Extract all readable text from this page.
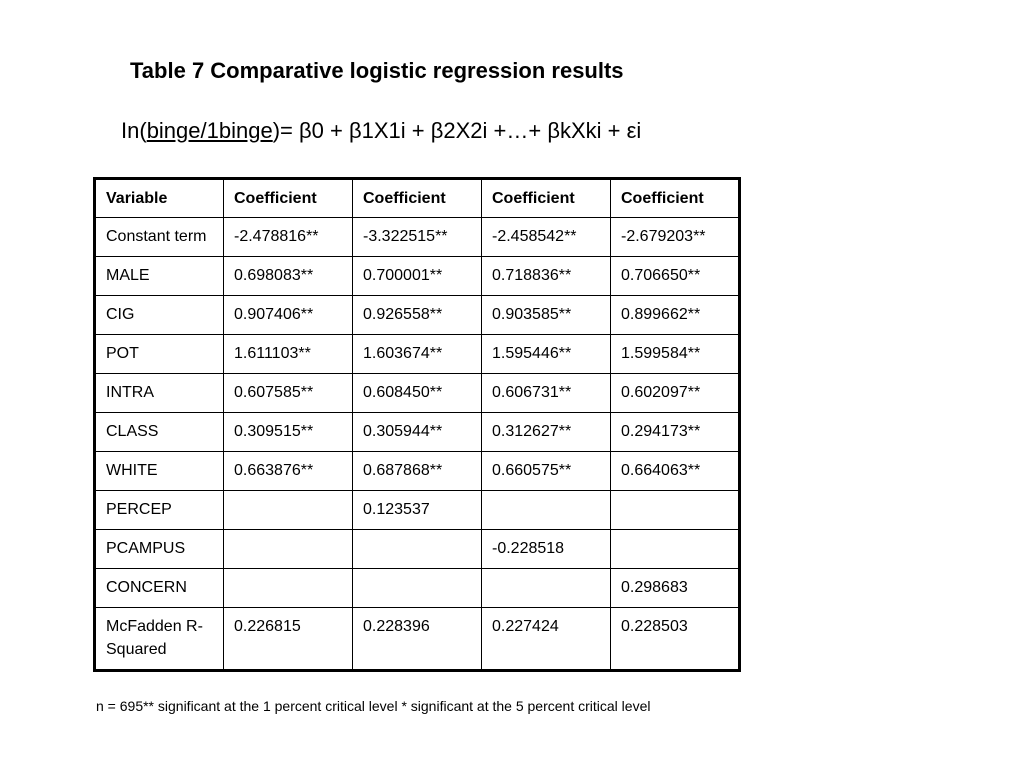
Table 7 Comparative logistic regression results
In(binge/1binge)= β0 + β1X1i + β2X2i +…+ βkXki + εi
Variable	Coefficient	Coefficient	Coefficient	Coefficient
Constant term	-2.478816**	-3.322515**	-2.458542**	-2.679203**
MALE	0.698083**	0.700001**	0.718836**	0.706650**
CIG	0.907406**	0.926558**	0.903585**	0.899662**
POT	1.611103**	1.603674**	1.595446**	1.599584**
INTRA	0.607585**	0.608450**	0.606731**	0.602097**
CLASS	0.309515**	0.305944**	0.312627**	0.294173**
WHITE	0.663876**	0.687868**	0.660575**	0.664063**
PERCEP		0.123537		
PCAMPUS			-0.228518	
CONCERN				0.298683
McFadden R-Squared	0.226815	0.228396	0.227424	0.228503
n = 695** significant at the 1 percent critical level * significant at the 5 percent critical level
